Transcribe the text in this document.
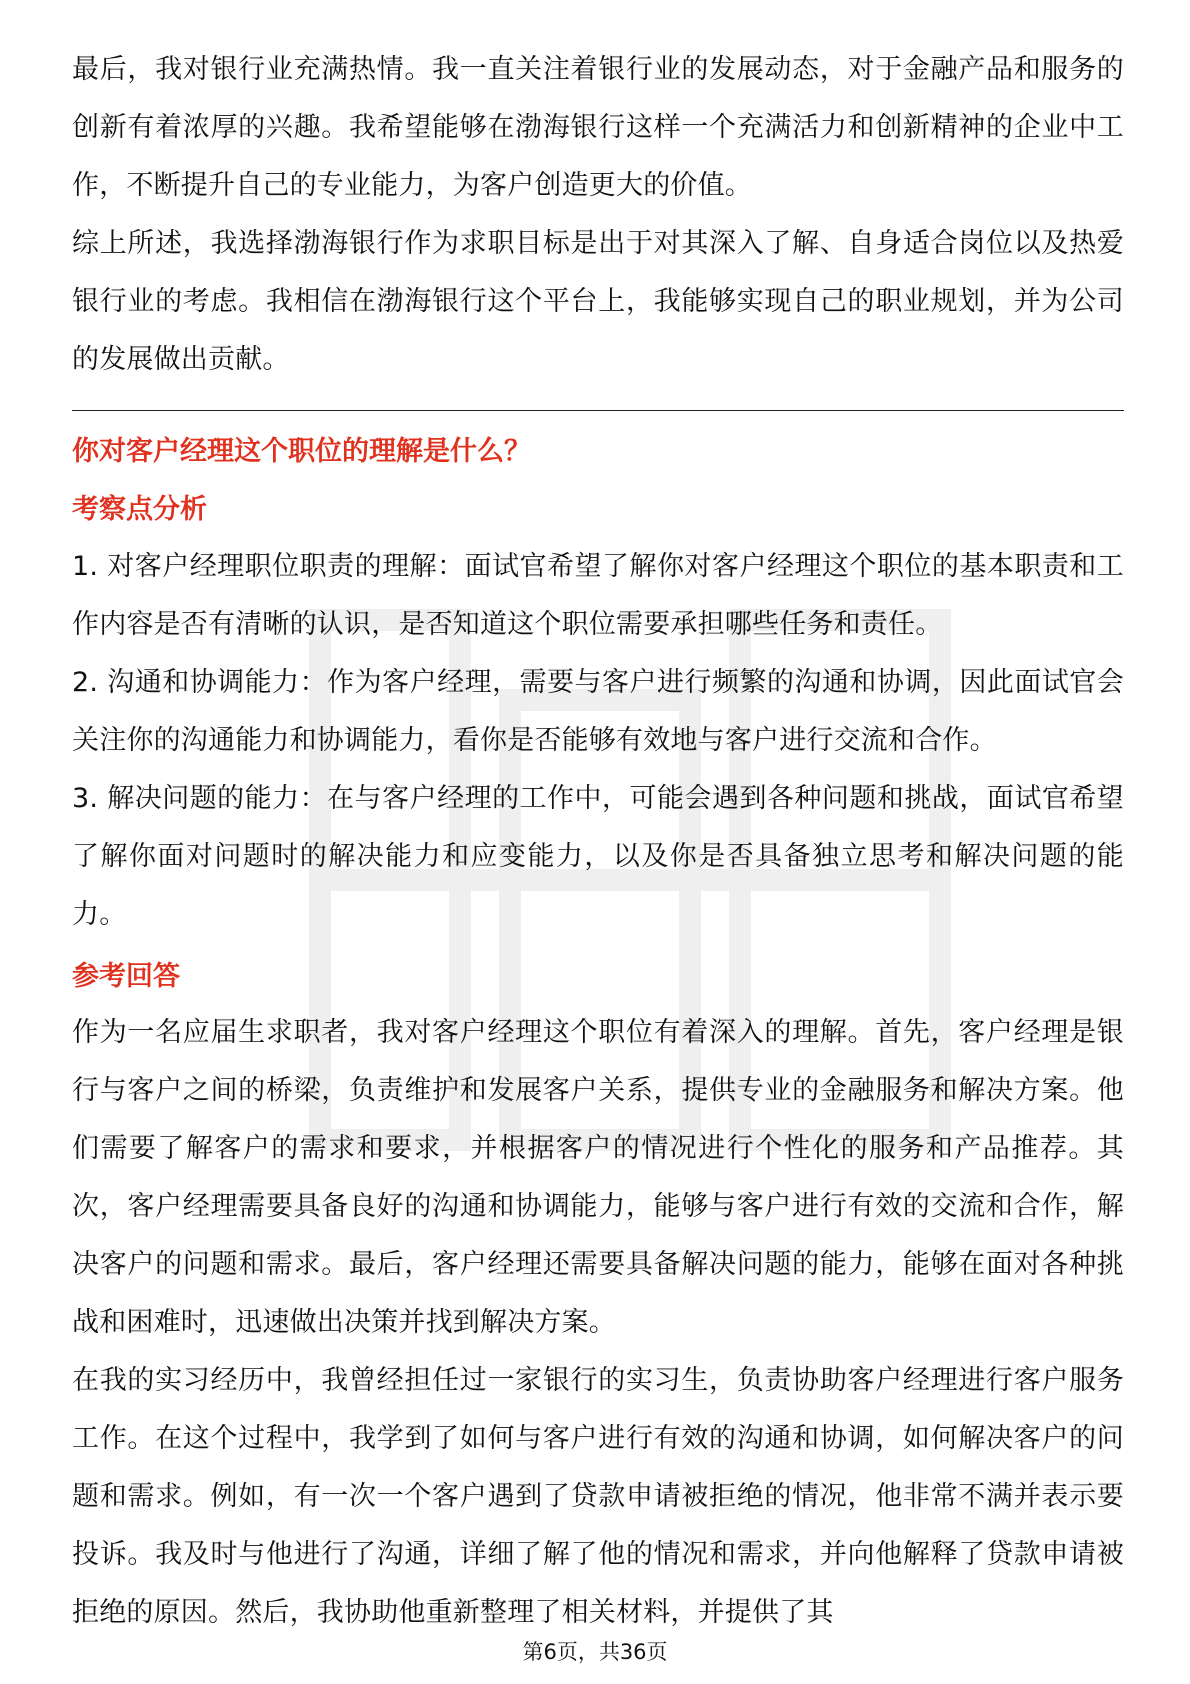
最后，我对银行业充满热情。我一直关注着银行业的发展动态，对于金融产品和服务的创新有着浓厚的兴趣。我希望能够在渤海银行这样一个充满活力和创新精神的企业中工作，不断提升自己的专业能力，为客户创造更大的价值。

综上所述，我选择渤海银行作为求职目标是出于对其深入了解、自身适合岗位以及热爱银行业的考虑。我相信在渤海银行这个平台上，我能够实现自己的职业规划，并为公司的发展做出贡献。

你对客户经理这个职位的理解是什么？

考察点分析

1. 对客户经理职位职责的理解：面试官希望了解你对客户经理这个职位的基本职责和工作内容是否有清晰的认识，是否知道这个职位需要承担哪些任务和责任。

2. 沟通和协调能力：作为客户经理，需要与客户进行频繁的沟通和协调，因此面试官会关注你的沟通能力和协调能力，看你是否能够有效地与客户进行交流和合作。

3. 解决问题的能力：在与客户经理的工作中，可能会遇到各种问题和挑战，面试官希望了解你面对问题时的解决能力和应变能力，以及你是否具备独立思考和解决问题的能力。

参考回答

作为一名应届生求职者，我对客户经理这个职位有着深入的理解。首先，客户经理是银行与客户之间的桥梁，负责维护和发展客户关系，提供专业的金融服务和解决方案。他们需要了解客户的需求和要求，并根据客户的情况进行个性化的服务和产品推荐。其次，客户经理需要具备良好的沟通和协调能力，能够与客户进行有效的交流和合作，解决客户的问题和需求。最后，客户经理还需要具备解决问题的能力，能够在面对各种挑战和困难时，迅速做出决策并找到解决方案。

在我的实习经历中，我曾经担任过一家银行的实习生，负责协助客户经理进行客户服务工作。在这个过程中，我学到了如何与客户进行有效的沟通和协调，如何解决客户的问题和需求。例如，有一次一个客户遇到了贷款申请被拒绝的情况，他非常不满并表示要投诉。我及时与他进行了沟通，详细了解了他的情况和需求，并向他解释了贷款申请被拒绝的原因。然后，我协助他重新整理了相关材料，并提供了其

第6页，共36页
